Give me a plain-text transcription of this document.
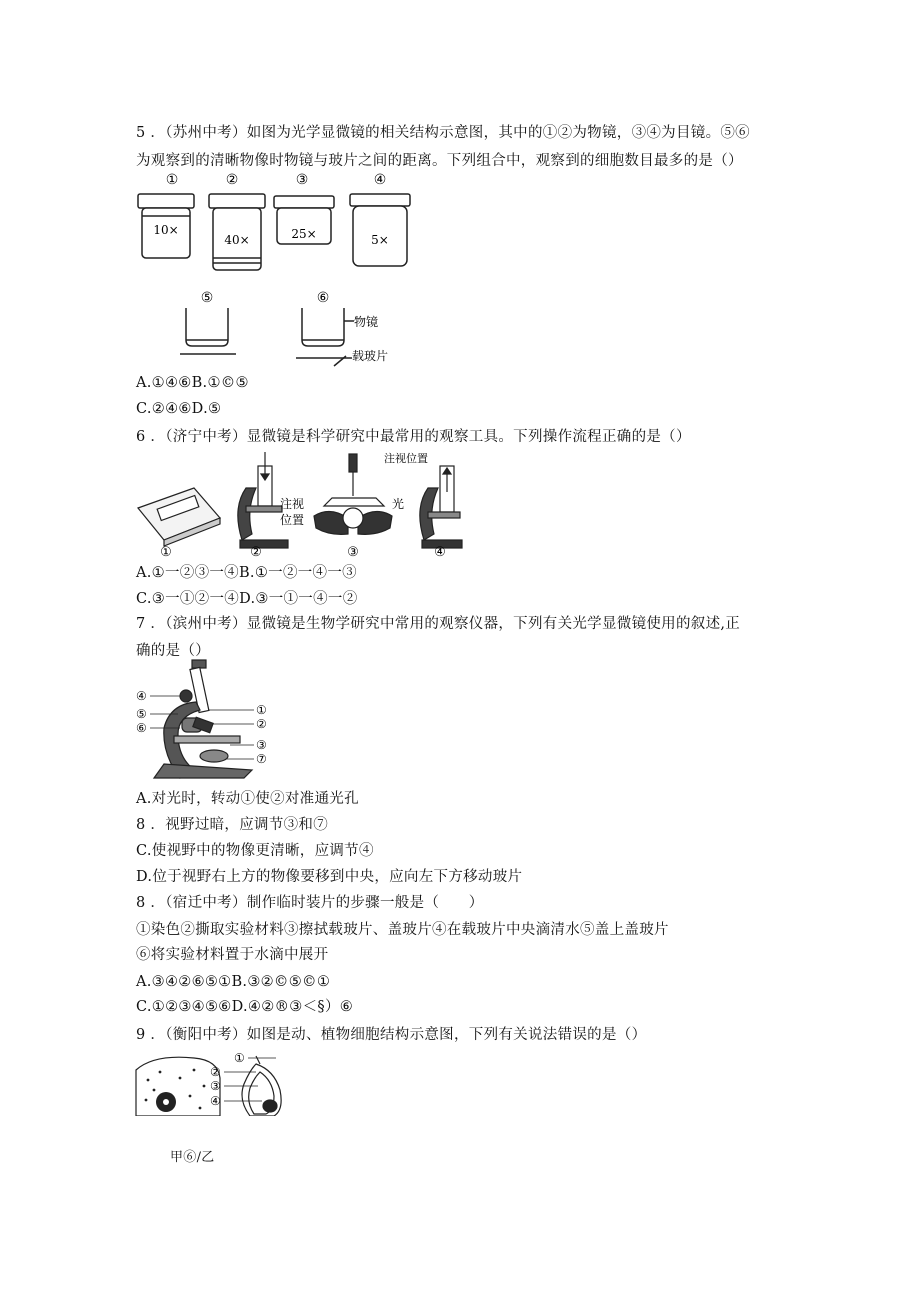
5 ．（苏州中考）如图为光学显微镜的相关结构示意图，其中的①②为物镜，③④为目镜。⑤⑥
为观察到的清晰物像时物镜与玻片之间的距离。下列组合中，观察到的细胞数目最多的是（）
①	②	③	④
10×
40×	25×	5×
⑤	⑥
物镜
载玻片
A.①④⑥B.①©⑤
C.②④⑥D.⑤
6 ．（济宁中考）显微镜是科学研究中最常用的观察工具。下列操作流程正确的是（）
注视
位置
光
注视位置
①	②	③	④
A.①一②③一④B.①一②一④一③
C.③一①②一④D.③一①一④一②
7 ．（滨州中考）显微镜是生物学研究中常用的观察仪器，下列有关光学显微镜使用的叙述,正
确的是（）
④
⑤
⑥
①
②
③
⑦
A.对光时，转动①使②对准通光孔
8 ．视野过暗，应调节③和⑦
C.使视野中的物像更清晰，应调节④
D.位于视野右上方的物像要移到中央，应向左下方移动玻片
8 ．（宿迁中考）制作临时装片的步骤一般是（　　）
①染色②撕取实验材料③擦拭载玻片、盖玻片④在载玻片中央滴清水⑤盖上盖玻片
⑥将实验材料置于水滴中展开
A.③④②⑥⑤①B.③②©⑤©①
C.①②③④⑤⑥D.④②®③＜§）⑥
9 ．（衡阳中考）如图是动、植物细胞结构示意图，下列有关说法错误的是（）
①
②
③
④
甲⑥/乙
